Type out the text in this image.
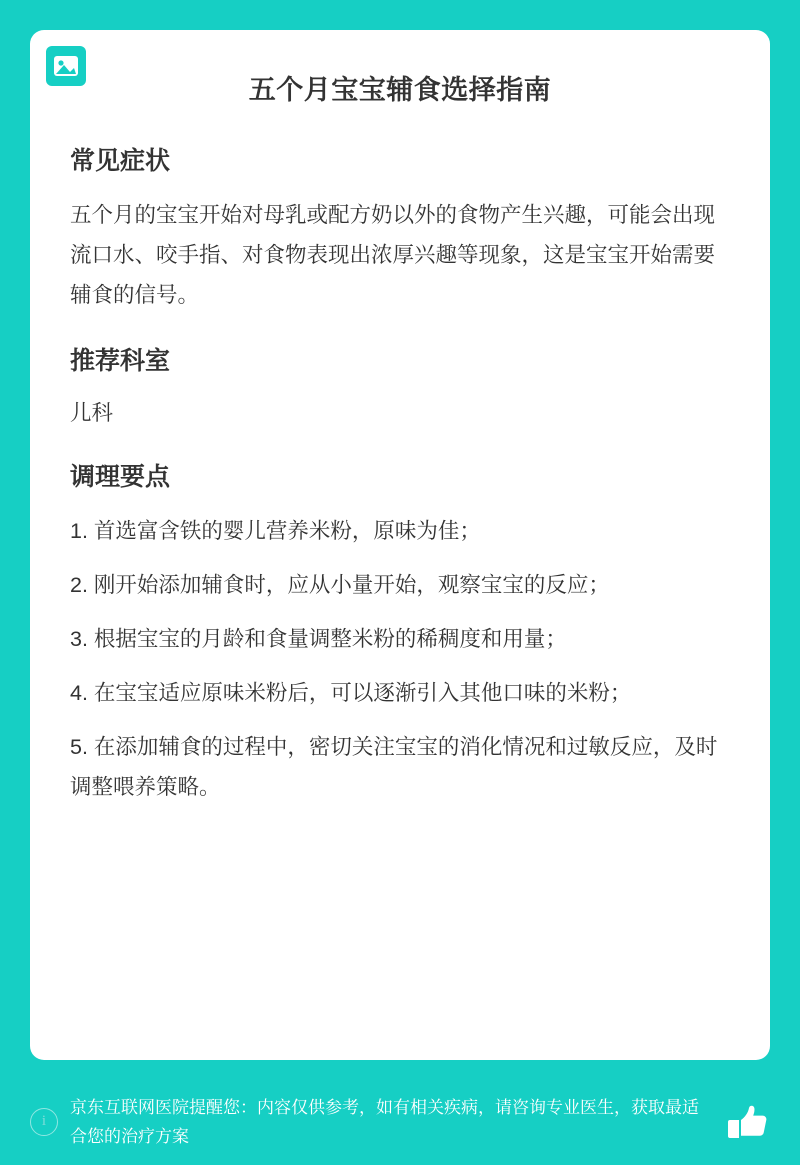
五个月宝宝辅食选择指南
常见症状

五个月的宝宝开始对母乳或配方奶以外的食物产生兴趣，可能会出现流口水、咬手指、对食物表现出浓厚兴趣等现象，这是宝宝开始需要辅食的信号。

推荐科室

儿科

调理要点
1. 首选富含铁的婴儿营养米粉，原味为佳；
2. 刚开始添加辅食时，应从小量开始，观察宝宝的反应；
3. 根据宝宝的月龄和食量调整米粉的稀稠度和用量；
4. 在宝宝适应原味米粉后，可以逐渐引入其他口味的米粉；
5. 在添加辅食的过程中，密切关注宝宝的消化情况和过敏反应，及时调整喂养策略。
i
京东互联网医院提醒您：内容仅供参考，如有相关疾病，请咨询专业医生，获取最适合您的治疗方案
